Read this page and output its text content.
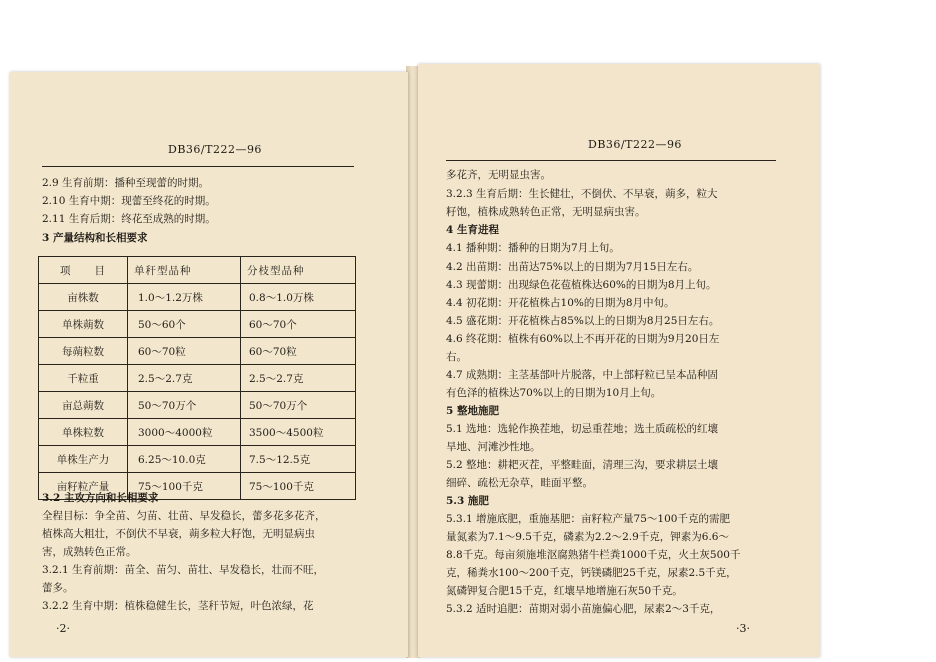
DB36/T222—96
2.9 生育前期：播种至现蕾的时期。
2.10 生育中期：现蕾至终花的时期。
2.11 生育后期：终花至成熟的时期。
3 产量结构和长相要求
项　　目	单秆型品种	分枝型品种
亩株数	1.0～1.2万株	0.8～1.0万株
单株蒴数	50～60个	60～70个
每蒴粒数	60～70粒	60～70粒
千粒重	2.5～2.7克	2.5～2.7克
亩总蒴数	50～70万个	50～70万个
单株粒数	3000～4000粒	3500～4500粒
单株生产力	6.25～10.0克	7.5～12.5克
亩籽粒产量	75～100千克	75～100千克
3.2 主攻方向和长相要求
全程目标：争全苗、匀苗、壮苗、早发稳长，蕾多花多花齐，
植株高大粗壮，不倒伏不早衰，蒴多粒大籽饱，无明显病虫
害，成熟转色正常。
3.2.1 生育前期：苗全、苗匀、苗壮、早发稳长，壮而不旺，
蕾多。
3.2.2 生育中期：植株稳健生长，茎秆节短，叶色浓绿，花
·2·
DB36/T222—96
多花齐，无明显虫害。
3.2.3 生育后期：生长健壮，不倒伏、不早衰，蒴多，粒大
籽饱，植株成熟转色正常，无明显病虫害。
4 生育进程
4.1 播种期：播种的日期为7月上旬。
4.2 出苗期：出苗达75%以上的日期为7月15日左右。
4.3 现蕾期：出现绿色花苞植株达60%的日期为8月上旬。
4.4 初花期：开花植株占10%的日期为8月中旬。
4.5 盛花期：开花植株占85%以上的日期为8月25日左右。
4.6 终花期：植株有60%以上不再开花的日期为9月20日左
右。
4.7 成熟期：主茎基部叶片脱落，中上部籽粒已呈本品种固
有色泽的植株达70%以上的日期为10月上旬。
5 整地施肥
5.1 选地：选轮作换茬地，切忌重茬地；选土质疏松的红壤
旱地、河滩沙性地。
5.2 整地：耕耙灭茬，平整畦面，清理三沟，要求耕层土壤
细碎、疏松无杂草，畦面平整。
5.3 施肥
5.3.1 增施底肥，重施基肥：亩籽粒产量75～100千克的需肥
量氮素为7.1～9.5千克，磷素为2.2～2.9千克，钾素为6.6～
8.8千克。每亩须施堆沤腐熟猪牛栏粪1000千克，火土灰500千
克，稀粪水100～200千克，钙镁磷肥25千克，尿素2.5千克，
氮磷钾复合肥15千克，红壤旱地增施石灰50千克。
5.3.2 适时追肥：苗期对弱小苗施偏心肥，尿素2～3千克，
·3·
